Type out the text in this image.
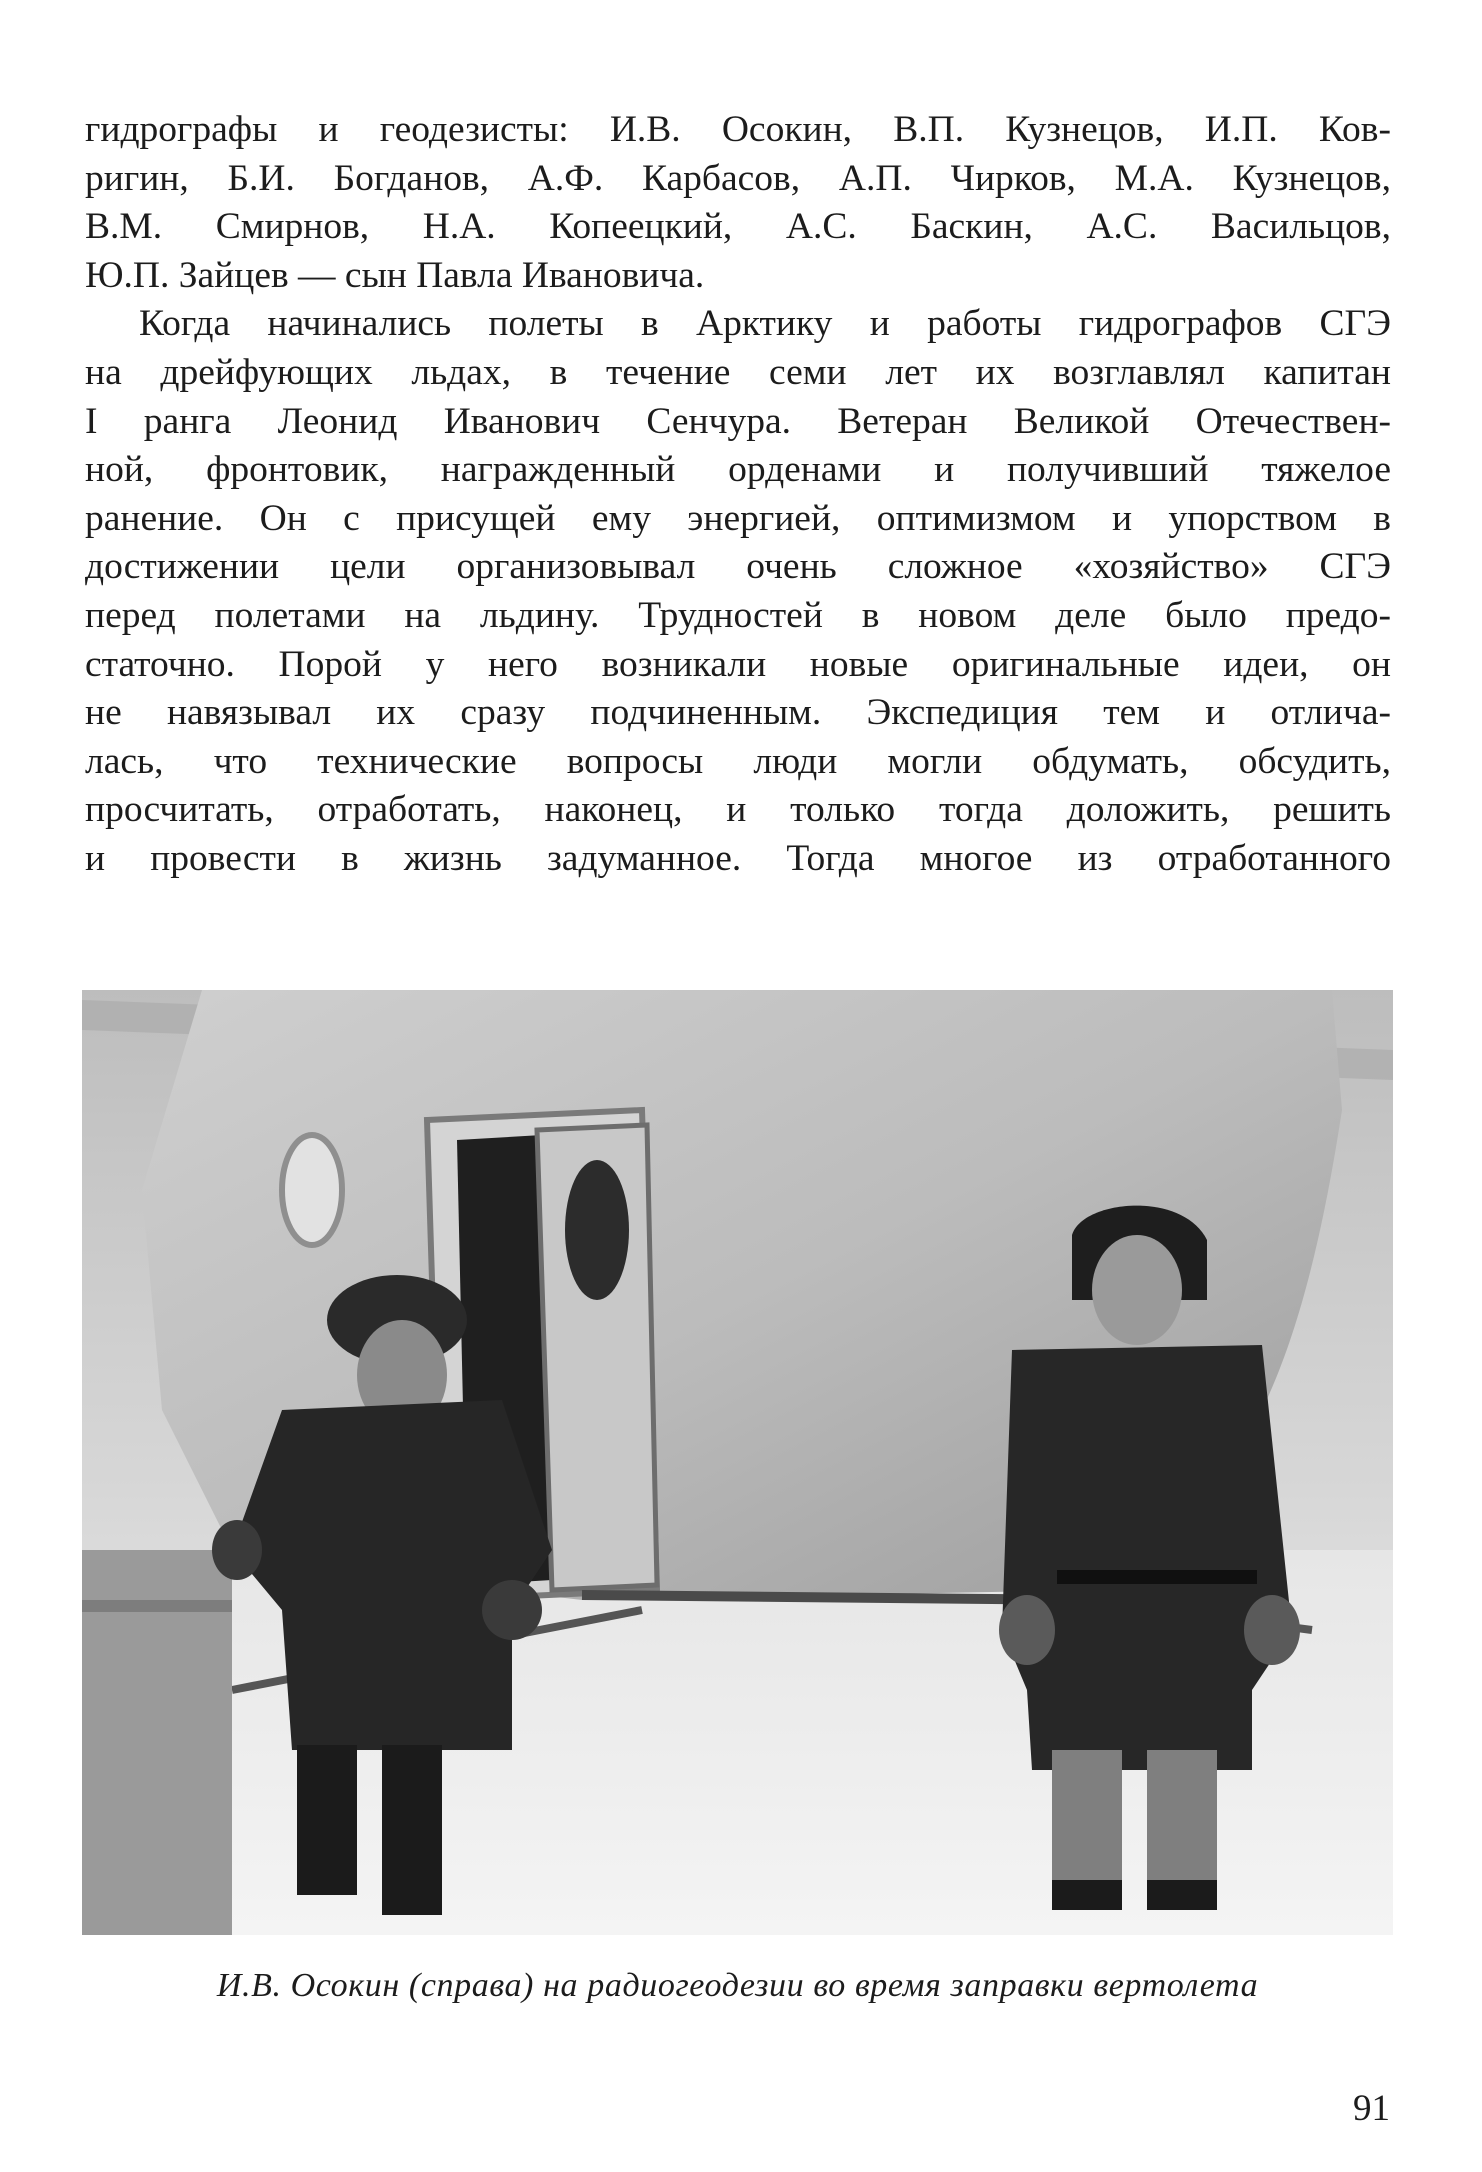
гидрографы и геодезисты: И.В. Осокин, В.П. Кузнецов, И.П. Ков-
ригин, Б.И. Богданов, А.Ф. Карбасов, А.П. Чирков, М.А. Кузнецов,
В.М. Смирнов, Н.А. Копеецкий, А.С. Баскин, А.С. Васильцов,
Ю.П. Зайцев — сын Павла Ивановича.
Когда начинались полеты в Арктику и работы гидрографов СГЭ
на дрейфующих льдах, в течение семи лет их возглавлял капитан
I ранга Леонид Иванович Сенчура. Ветеран Великой Отечествен-
ной, фронтовик, награжденный орденами и получивший тяжелое
ранение. Он с присущей ему энергией, оптимизмом и упорством в
достижении цели организовывал очень сложное «хозяйство» СГЭ
перед полетами на льдину. Трудностей в новом деле было предо-
статочно. Порой у него возникали новые оригинальные идеи, он
не навязывал их сразу подчиненным. Экспедиция тем и отлича-
лась, что технические вопросы люди могли обдумать, обсудить,
просчитать, отработать, наконец, и только тогда доложить, решить
и провести в жизнь задуманное. Тогда многое из отработанного
И.В. Осокин (справа) на радиогеодезии во время заправки вертолета
91
